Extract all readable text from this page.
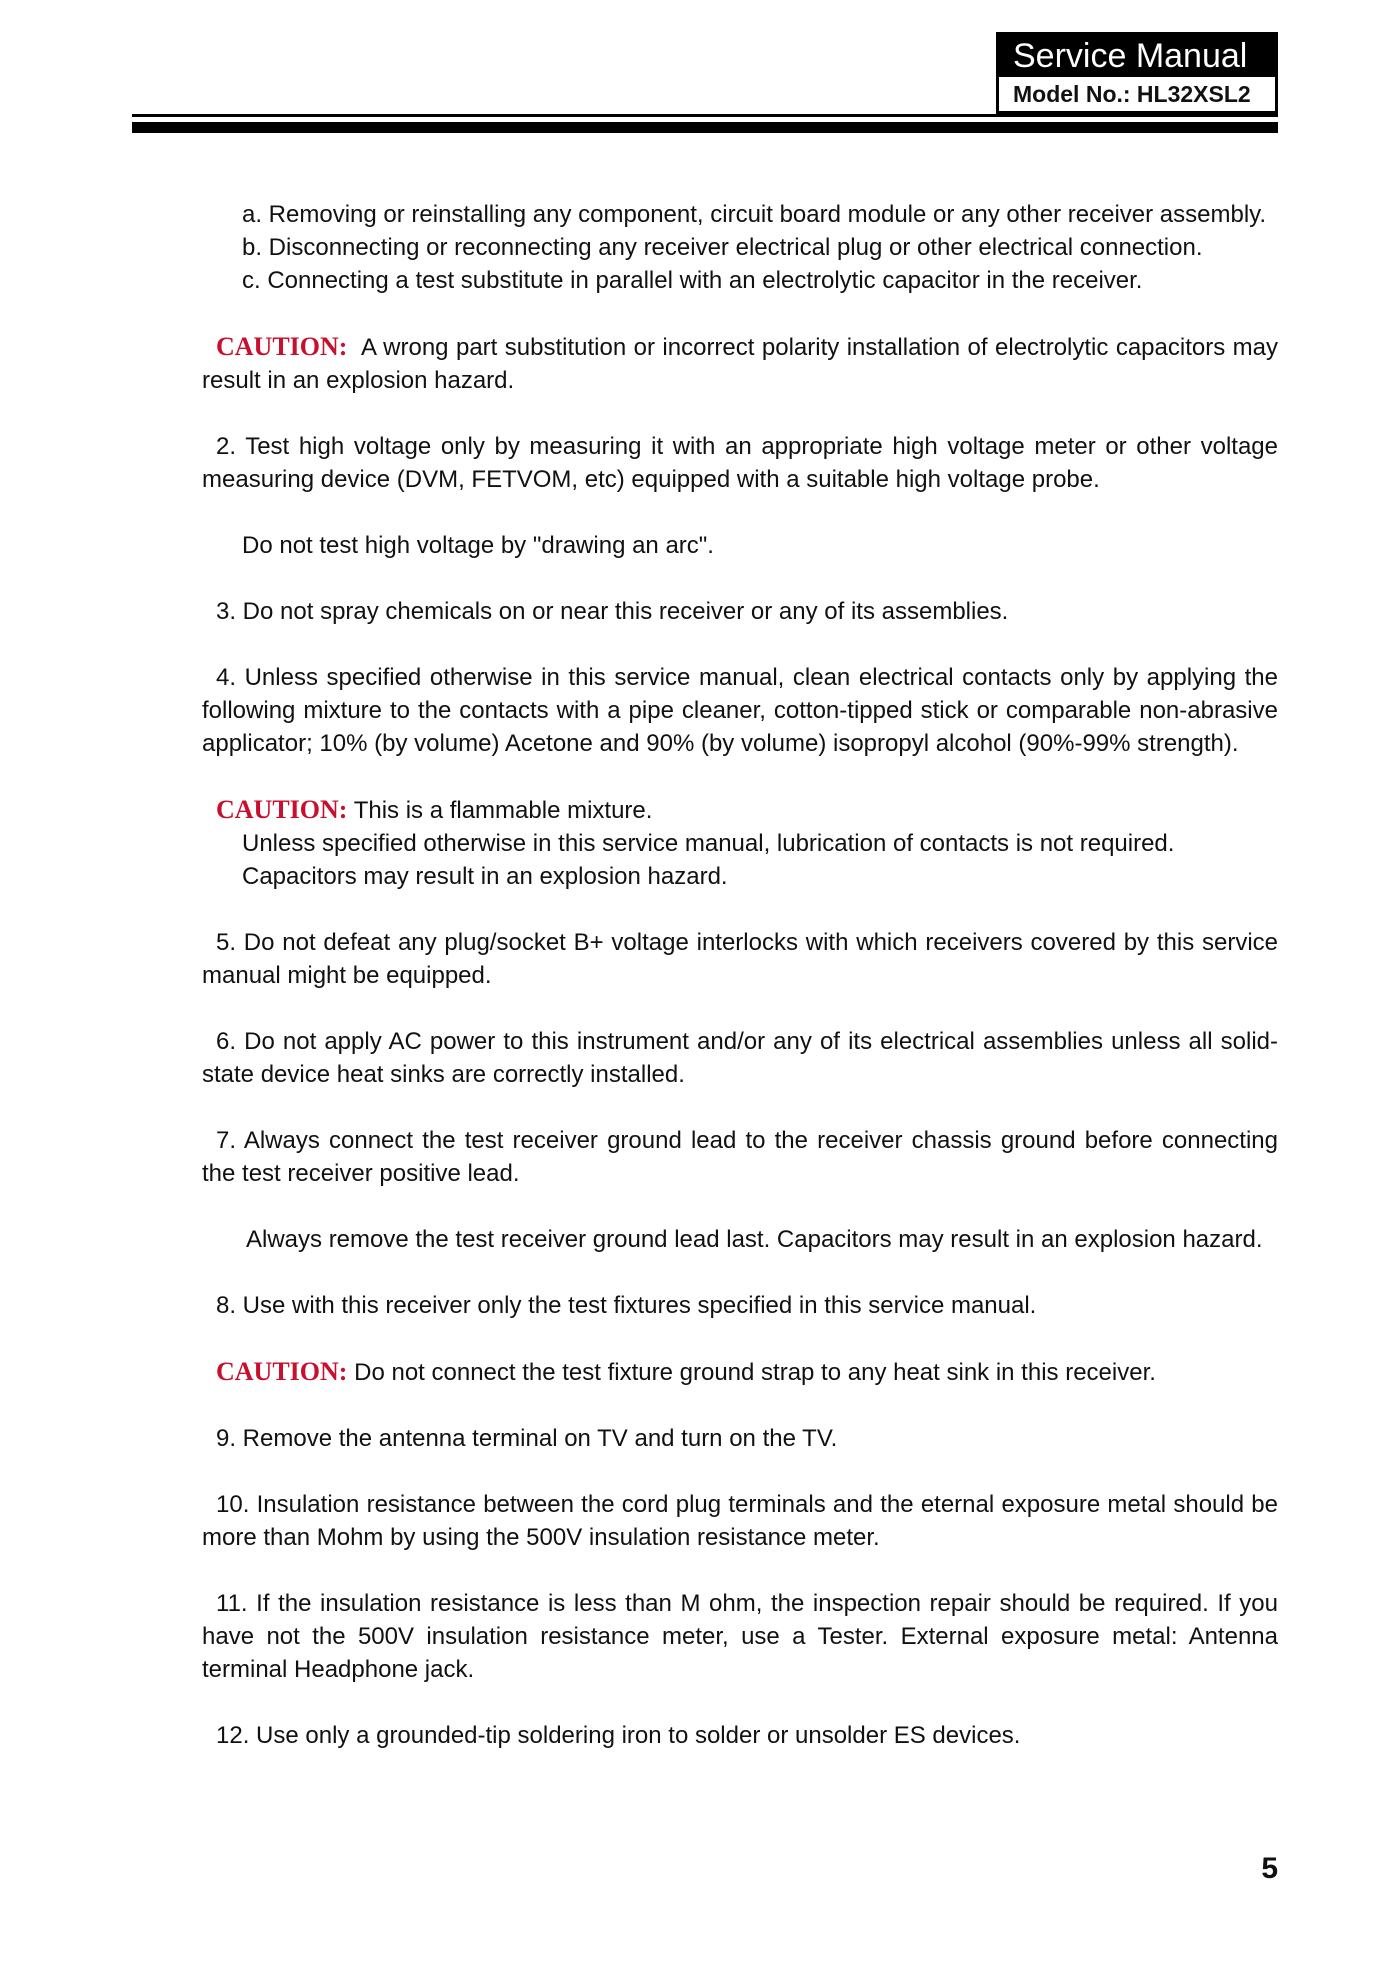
Service Manual
Model No.: HL32XSL2

a. Removing or reinstalling any component, circuit board module or any other receiver assembly.

b. Disconnecting or reconnecting any receiver electrical plug or other electrical connection.

c. Connecting a test substitute in parallel with an electrolytic capacitor in the receiver.

CAUTION: A wrong part substitution or incorrect polarity installation of electrolytic capacitors may result in an explosion hazard.

2. Test high voltage only by measuring it with an appropriate high voltage meter or other voltage measuring device (DVM, FETVOM, etc) equipped with a suitable high voltage probe.

Do not test high voltage by "drawing an arc".

3. Do not spray chemicals on or near this receiver or any of its assemblies.

4. Unless specified otherwise in this service manual, clean electrical contacts only by applying the following mixture to the contacts with a pipe cleaner, cotton-tipped stick or comparable non-abrasive applicator; 10% (by volume) Acetone and 90% (by volume) isopropyl alcohol (90%-99% strength).

CAUTION: This is a flammable mixture.

Unless specified otherwise in this service manual, lubrication of contacts is not required.

Capacitors may result in an explosion hazard.

5. Do not defeat any plug/socket B+ voltage interlocks with which receivers covered by this service manual might be equipped.

6. Do not apply AC power to this instrument and/or any of its electrical assemblies unless all solid-state device heat sinks are correctly installed.

7. Always connect the test receiver ground lead to the receiver chassis ground before connecting the test receiver positive lead.

Always remove the test receiver ground lead last. Capacitors may result in an explosion hazard.

8. Use with this receiver only the test fixtures specified in this service manual.

CAUTION: Do not connect the test fixture ground strap to any heat sink in this receiver.

9. Remove the antenna terminal on TV and turn on the TV.

10. Insulation resistance between the cord plug terminals and the eternal exposure metal should be more than Mohm by using the 500V insulation resistance meter.

11. If the insulation resistance is less than M ohm, the inspection repair should be required. If you have not the 500V insulation resistance meter, use a Tester. External exposure metal: Antenna terminal Headphone jack.

12. Use only a grounded-tip soldering iron to solder or unsolder ES devices.

5
